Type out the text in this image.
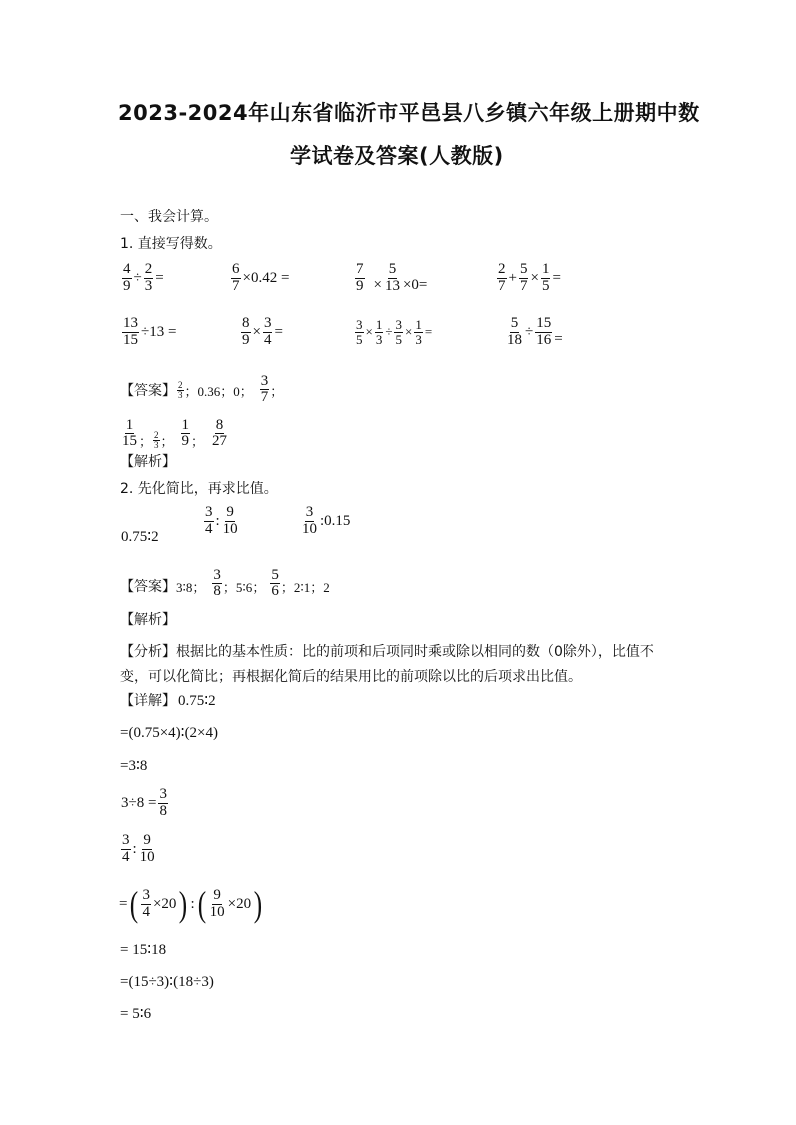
2023-2024年山东省临沂市平邑县八乡镇六年级上册期中数
学试卷及答案(人教版)
一、我会计算。
1. 直接写得数。
$\frac{4}{9} \div \frac{2}{3}$ =	$\frac{6}{7} \times 0.42$ =	$\frac{7}{9} \times \frac{5}{13} \times 0=$	$\frac{2}{7} + \frac{5}{7} \times \frac{1}{5}$ =
$\frac{13}{15} \div 13$ =	$\frac{8}{9} \times \frac{3}{4}$ =	$\frac{3}{5} \times \frac{1}{3} \div \frac{3}{5} \times \frac{1}{3}$ =	$\frac{5}{18} \div \frac{15}{16}$ =
【答案】 $\frac{2}{3}$ ； 0.36 ； 0 ； $\frac{3}{7}$ ；
$\frac{1}{15}$ ； $\frac{2}{3}$ ； $\frac{1}{9}$ ； $\frac{8}{27}$
【解析】
2. 先化简比，再求比值。
0.75∶2	$\frac{3}{4}$ : $\frac{9}{10}$	$\frac{3}{10}$ :0.15
【答案】 3∶8 ； $\frac{3}{8}$ ； 5∶6 ； $\frac{5}{6}$ ； 2∶1 ； 2
【解析】
【分析】根据比的基本性质：比的前项和后项同时乘或除以相同的数（0除外），比值不
变，可以化简比；再根据化简后的结果用比的前项除以比的后项求出比值。
【详解】 0.75∶2
=(0.75×4)∶(2×4)
=3∶8
$3\div 8 = \frac{3}{8}$
$\frac{3}{4}$ : $\frac{9}{10}$
= ( $\frac{3}{4} \times 20$ ) : ( $\frac{9}{10} \times 20$ )
= 15∶18
=(15÷3)∶(18÷3)
= 5∶6
